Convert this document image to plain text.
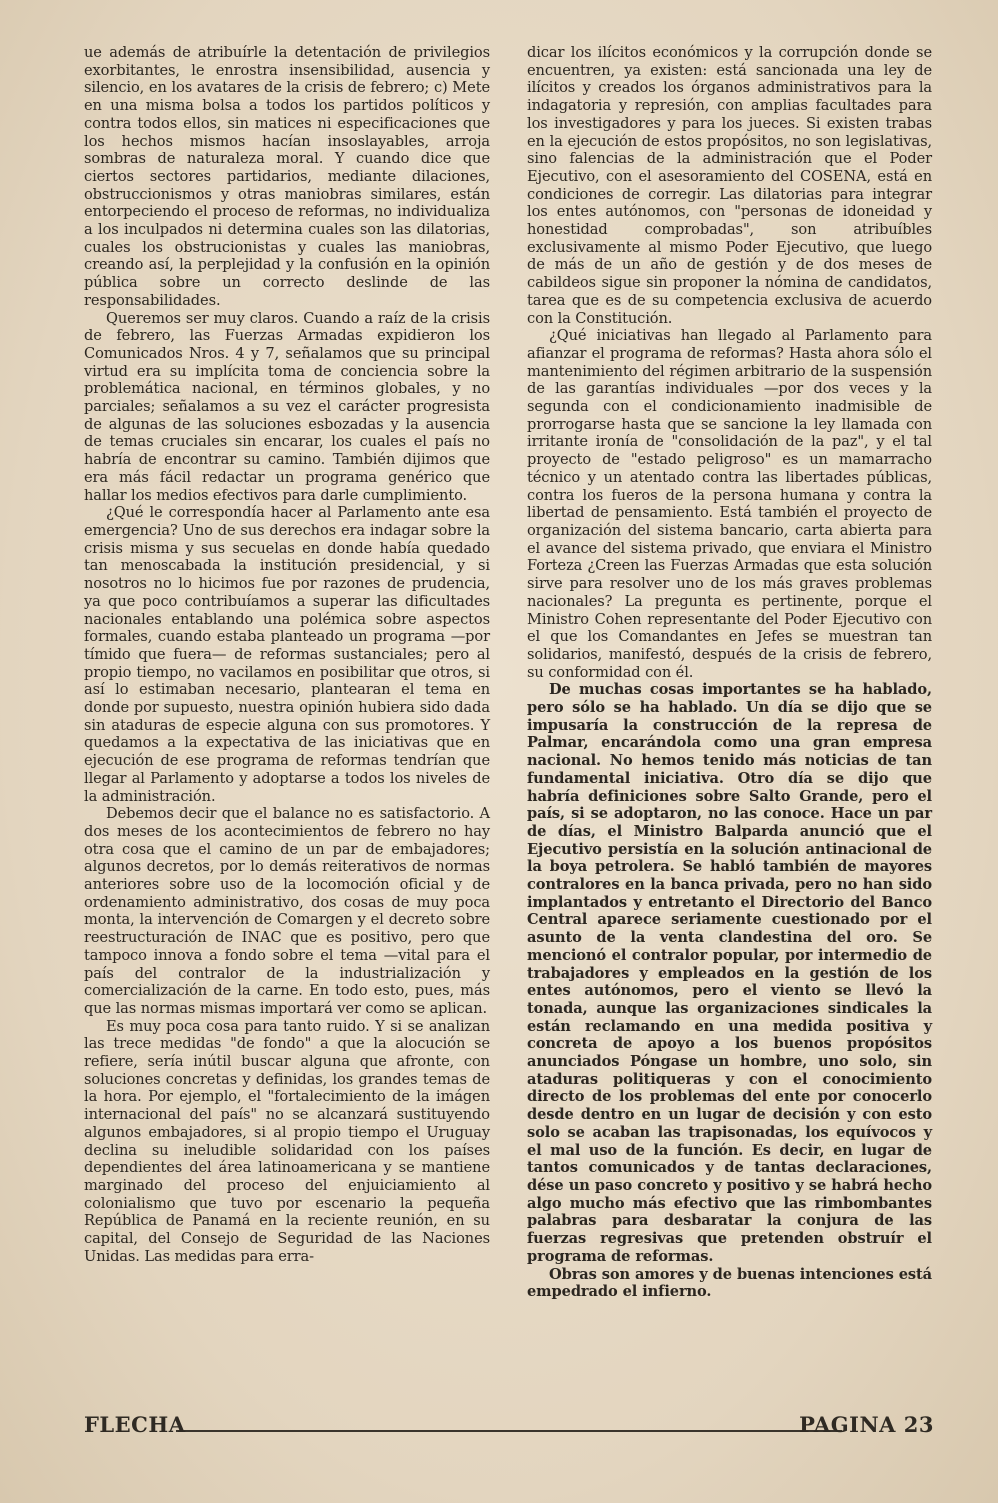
ue además de atribuírle la detentación de privilegios exorbitantes, le enrostra insensibilidad, ausencia y silencio, en los avatares de la crisis de febrero; c) Mete en una misma bolsa a todos los partidos políticos y contra todos ellos, sin matices ni especificaciones que los hechos mismos hacían insoslayables, arroja sombras de naturaleza moral. Y cuando dice que ciertos sectores partidarios, mediante dilaciones, obstruccionismos y otras maniobras similares, están entorpeciendo el proceso de reformas, no individualiza a los inculpados ni determina cuales son las dilatorias, cuales los obstrucionistas y cuales las maniobras, creando así, la perplejidad y la confusión en la opinión pública sobre un correcto deslinde de las responsabilidades.

Queremos ser muy claros. Cuando a raíz de la crisis de febrero, las Fuerzas Armadas expidieron los Comunicados Nros. 4 y 7, señalamos que su principal virtud era su implícita toma de conciencia sobre la problemática nacional, en términos globales, y no parciales; señalamos a su vez el carácter progresista de algunas de las soluciones esbozadas y la ausencia de temas cruciales sin encarar, los cuales el país no habría de encontrar su camino. También dijimos que era más fácil redactar un programa genérico que hallar los medios efectivos para darle cumplimiento.

¿Qué le correspondía hacer al Parlamento ante esa emergencia? Uno de sus derechos era indagar sobre la crisis misma y sus secuelas en donde había quedado tan menoscabada la institución presidencial, y si nosotros no lo hicimos fue por razones de prudencia, ya que poco contribuíamos a superar las dificultades nacionales entablando una polémica sobre aspectos formales, cuando estaba planteado un programa —por tímido que fuera— de reformas sustanciales; pero al propio tiempo, no vacilamos en posibilitar que otros, si así lo estimaban necesario, plantearan el tema en donde por supuesto, nuestra opinión hubiera sido dada sin ataduras de especie alguna con sus promotores. Y quedamos a la expectativa de las iniciativas que en ejecución de ese programa de reformas tendrían que llegar al Parlamento y adoptarse a todos los niveles de la administración.

Debemos decir que el balance no es satisfactorio. A dos meses de los acontecimientos de febrero no hay otra cosa que el camino de un par de embajadores; algunos decretos, por lo demás reiterativos de normas anteriores sobre uso de la locomoción oficial y de ordenamiento administrativo, dos cosas de muy poca monta, la intervención de Comargen y el decreto sobre reestructuración de INAC que es positivo, pero que tampoco innova a fondo sobre el tema —vital para el país del contralor de la industrialización y comercialización de la carne. En todo esto, pues, más que las normas mismas importará ver como se aplican.

Es muy poca cosa para tanto ruido. Y si se analizan las trece medidas "de fondo" a que la alocución se refiere, sería inútil buscar alguna que afronte, con soluciones concretas y definidas, los grandes temas de la hora. Por ejemplo, el "fortalecimiento de la imágen internacional del país" no se alcanzará sustituyendo algunos embajadores, si al propio tiempo el Uruguay declina su ineludible solidaridad con los países dependientes del área latinoamericana y se mantiene marginado del proceso del enjuiciamiento al colonialismo que tuvo por escenario la pequeña República de Panamá en la reciente reunión, en su capital, del Consejo de Seguridad de las Naciones Unidas. Las medidas para erra-

dicar los ilícitos económicos y la corrupción donde se encuentren, ya existen: está sancionada una ley de ilícitos y creados los órganos administrativos para la indagatoria y represión, con amplias facultades para los investigadores y para los jueces. Si existen trabas en la ejecución de estos propósitos, no son legislativas, sino falencias de la administración que el Poder Ejecutivo, con el asesoramiento del COSENA, está en condiciones de corregir. Las dilatorias para integrar los entes autónomos, con "personas de idoneidad y honestidad comprobadas", son atribuíbles exclusivamente al mismo Poder Ejecutivo, que luego de más de un año de gestión y de dos meses de cabildeos sigue sin proponer la nómina de candidatos, tarea que es de su competencia exclusiva de acuerdo con la Constitución.

¿Qué iniciativas han llegado al Parlamento para afianzar el programa de reformas? Hasta ahora sólo el mantenimiento del régimen arbitrario de la suspensión de las garantías individuales —por dos veces y la segunda con el condicionamiento inadmisible de prorrogarse hasta que se sancione la ley llamada con irritante ironía de "consolidación de la paz", y el tal proyecto de "estado peligroso" es un mamarracho técnico y un atentado contra las libertades públicas, contra los fueros de la persona humana y contra la libertad de pensamiento. Está también el proyecto de organización del sistema bancario, carta abierta para el avance del sistema privado, que enviara el Ministro Forteza ¿Creen las Fuerzas Armadas que esta solución sirve para resolver uno de los más graves problemas nacionales? La pregunta es pertinente, porque el Ministro Cohen representante del Poder Ejecutivo con el que los Comandantes en Jefes se muestran tan solidarios, manifestó, después de la crisis de febrero, su conformidad con él.

De muchas cosas importantes se ha hablado, pero sólo se ha hablado. Un día se dijo que se impusaría la construcción de la represa de Palmar, encarándola como una gran empresa nacional. No hemos tenido más noticias de tan fundamental iniciativa. Otro día se dijo que habría definiciones sobre Salto Grande, pero el país, si se adoptaron, no las conoce. Hace un par de días, el Ministro Balparda anunció que el Ejecutivo persistía en la solución antinacional de la boya petrolera. Se habló también de mayores contralores en la banca privada, pero no han sido implantados y entretanto el Directorio del Banco Central aparece seriamente cuestionado por el asunto de la venta clandestina del oro. Se mencionó el contralor popular, por intermedio de trabajadores y empleados en la gestión de los entes autónomos, pero el viento se llevó la tonada, aunque las organizaciones sindicales la están reclamando en una medida positiva y concreta de apoyo a los buenos propósitos anunciados Póngase un hombre, uno solo, sin ataduras politiqueras y con el conocimiento directo de los problemas del ente por conocerlo desde dentro en un lugar de decisión y con esto solo se acaban las trapisonadas, los equívocos y el mal uso de la función. Es decir, en lugar de tantos comunicados y de tantas declaraciones, dése un paso concreto y positivo y se habrá hecho algo mucho más efectivo que las rimbombantes palabras para desbaratar la conjura de las fuerzas regresivas que pretenden obstruír el programa de reformas.

Obras son amores y de buenas intenciones está empedrado el infierno.

FLECHA	PAGINA 23
